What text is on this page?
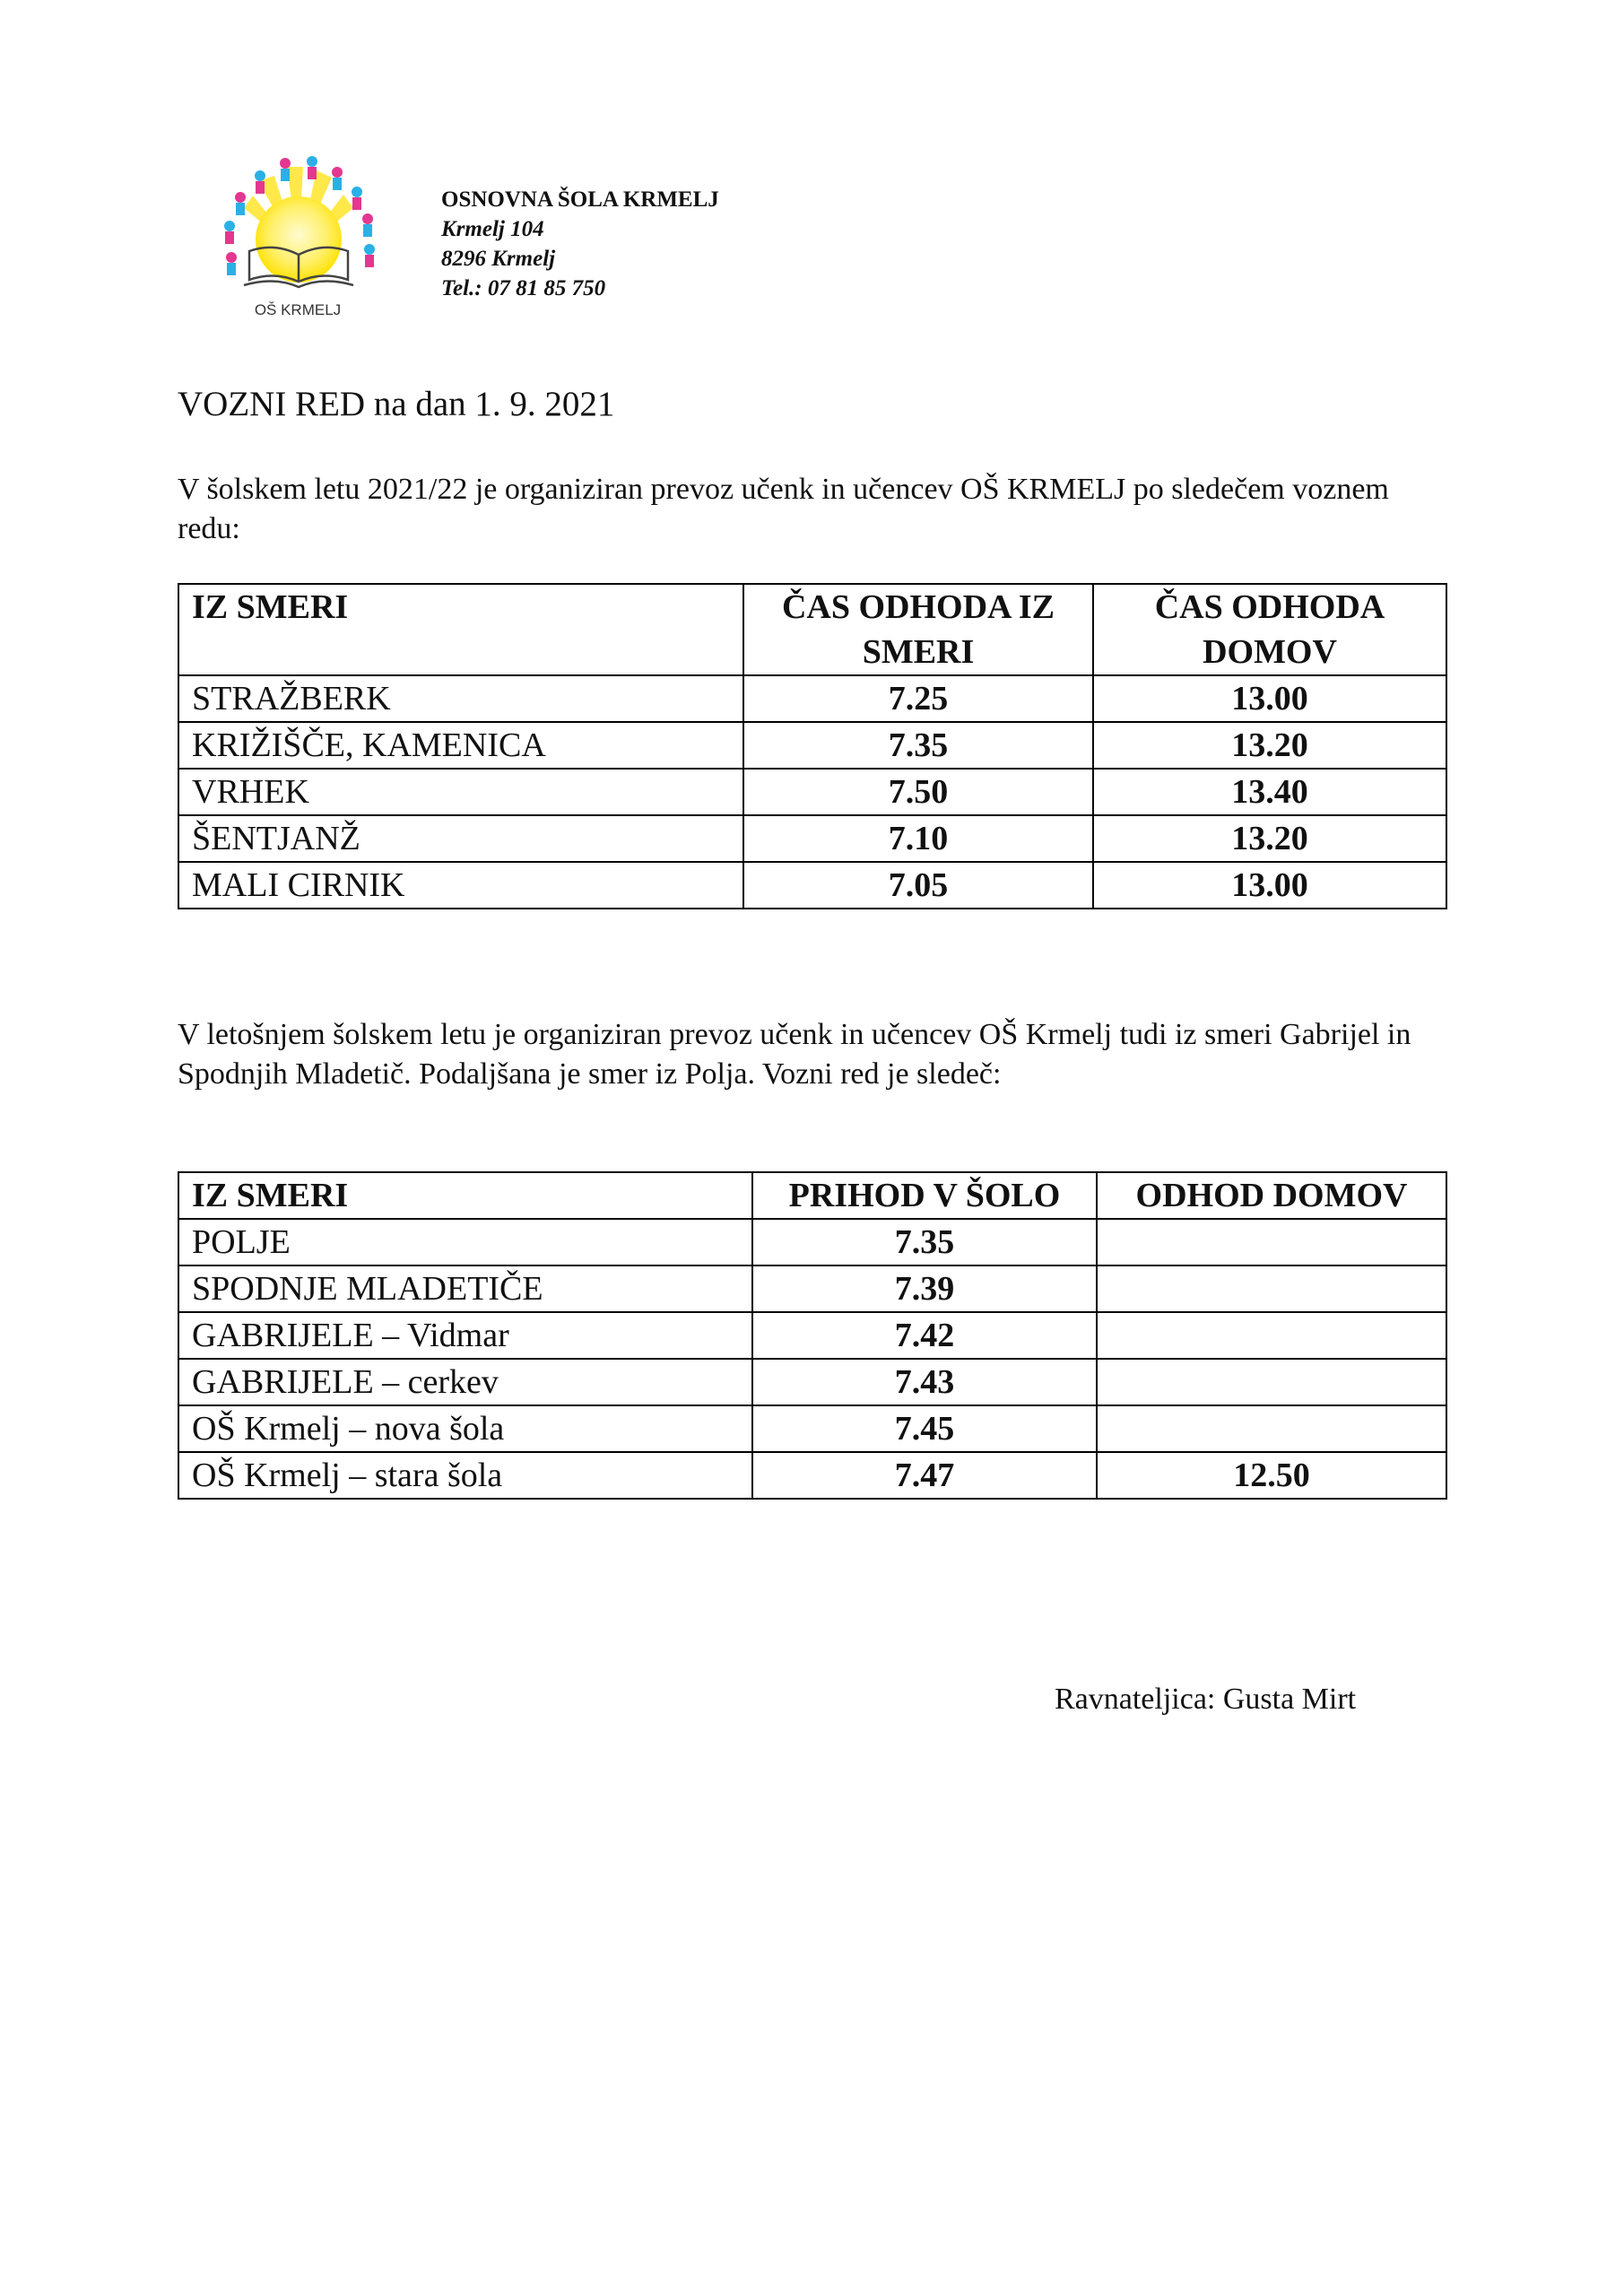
OŠ KRMELJ
OSNOVNA ŠOLA KRMELJ
Krmelj 104
8296 Krmelj
Tel.: 07 81 85 750
VOZNI RED na dan 1. 9. 2021
V šolskem letu 2021/22 je organiziran prevoz učenk in učencev OŠ KRMELJ po sledečem voznem redu:
IZ SMERI	ČAS ODHODA IZ SMERI	ČAS ODHODA DOMOV
STRAŽBERK	7.25	13.00
KRIŽIŠČE, KAMENICA	7.35	13.20
VRHEK	7.50	13.40
ŠENTJANŽ	7.10	13.20
MALI CIRNIK	7.05	13.00
V letošnjem šolskem letu je organiziran prevoz učenk in učencev OŠ Krmelj tudi iz smeri Gabrijel in Spodnjih Mladetič. Podaljšana je smer iz Polja. Vozni red je sledeč:
IZ SMERI	PRIHOD V ŠOLO	ODHOD DOMOV
POLJE	7.35	
SPODNJE MLADETIČE	7.39	
GABRIJELE – Vidmar	7.42	
GABRIJELE – cerkev	7.43	
OŠ Krmelj – nova šola	7.45	
OŠ Krmelj – stara šola	7.47	12.50
Ravnateljica: Gusta Mirt
